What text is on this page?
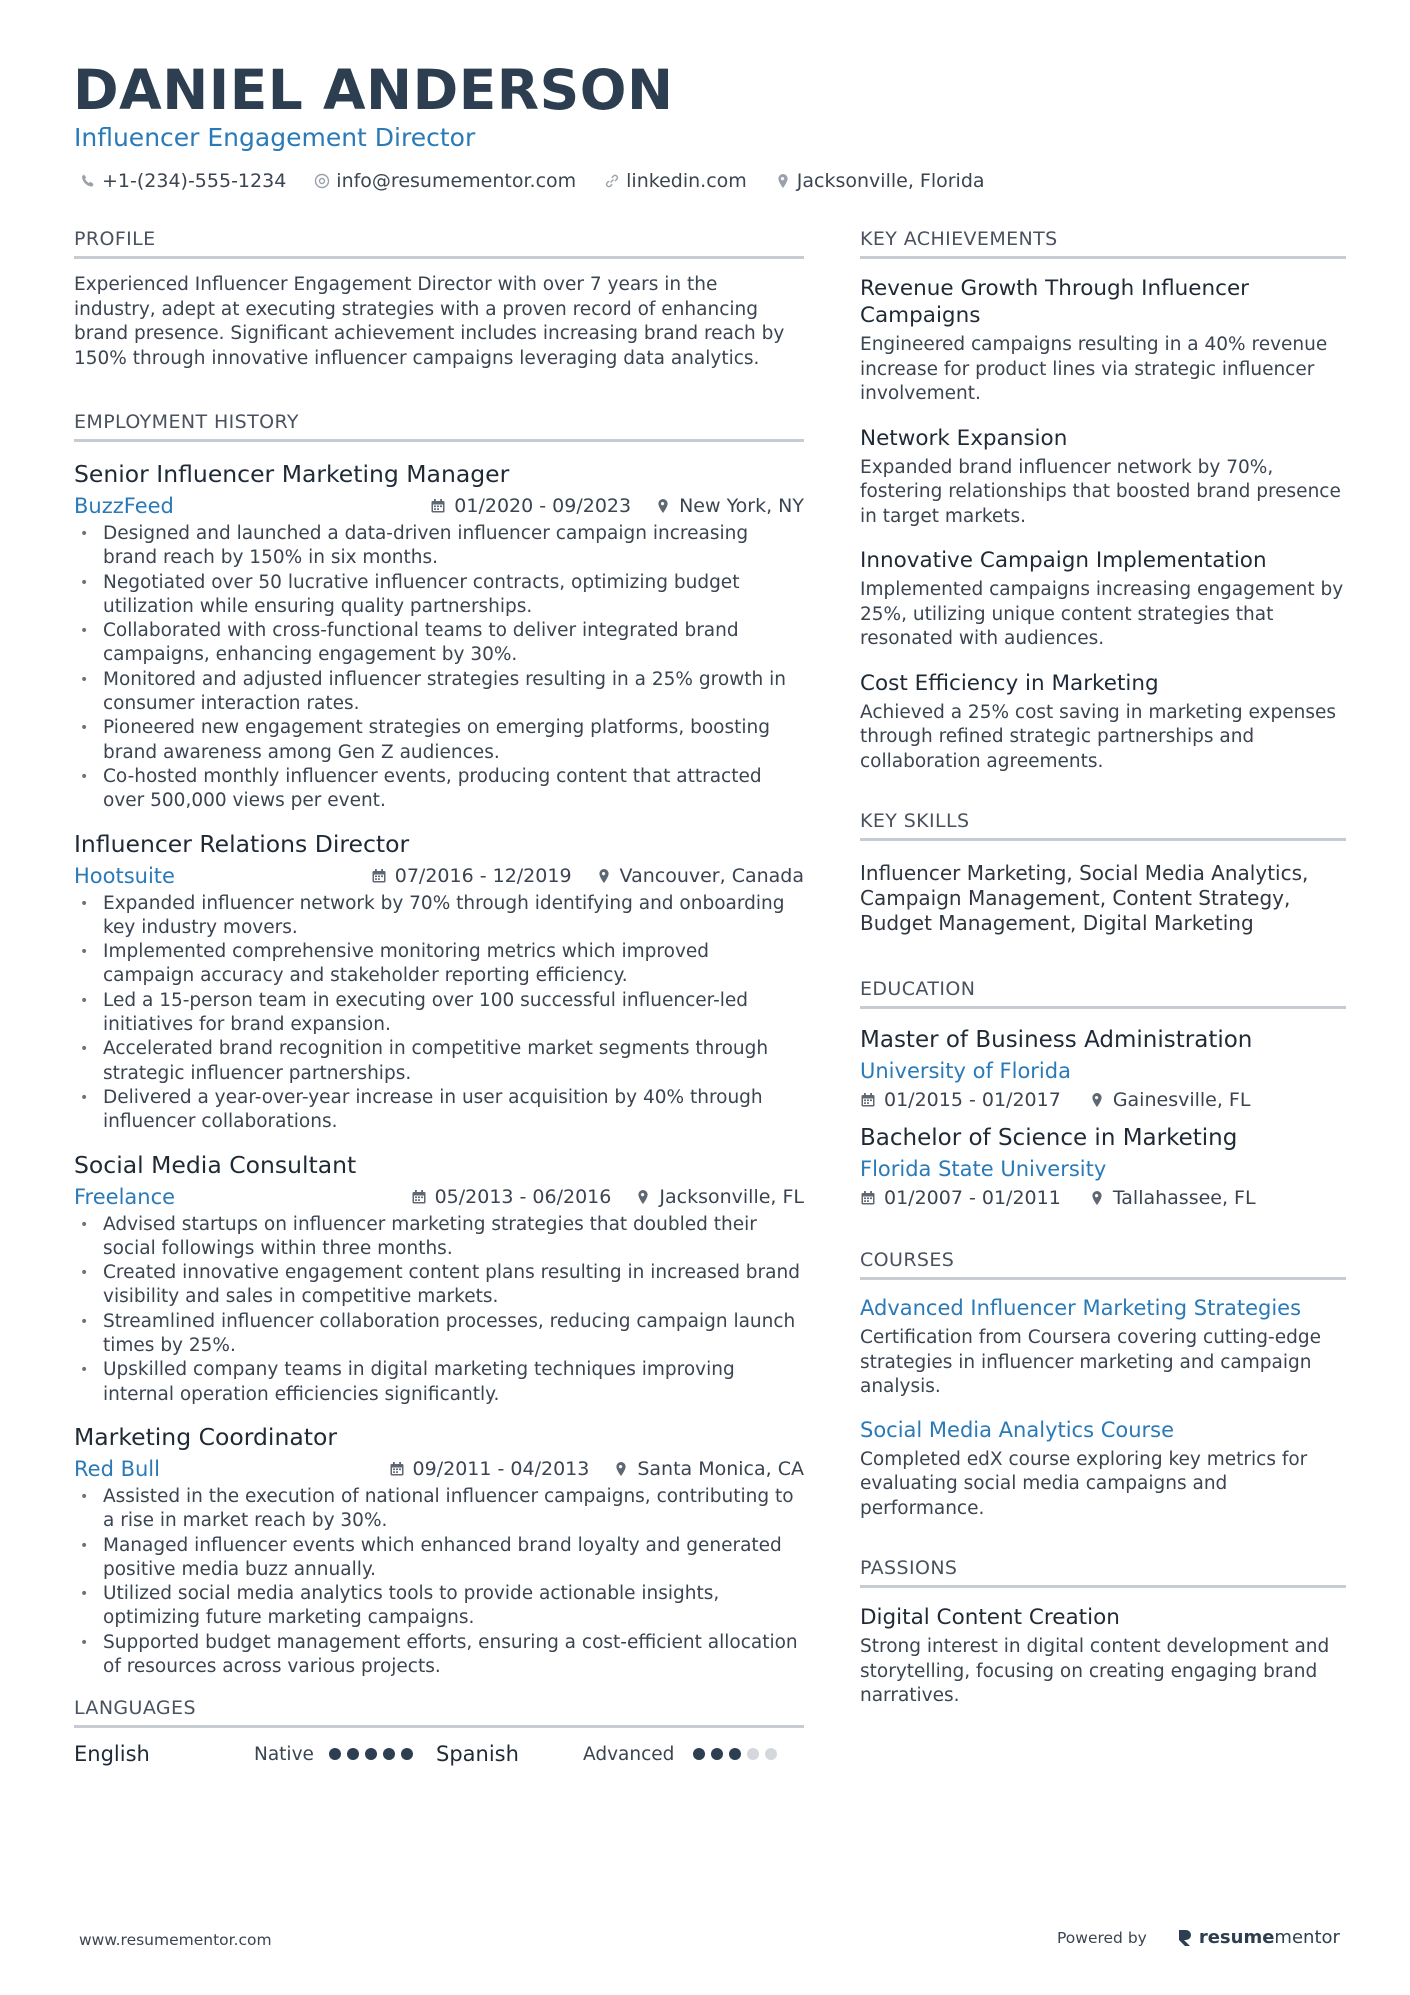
DANIEL ANDERSON
Influencer Engagement Director
+1-(234)-555-1234	info@resumementor.com	linkedin.com	Jacksonville, Florida
PROFILE
Experienced Influencer Engagement Director with over 7 years in the industry, adept at executing strategies with a proven record of enhancing brand presence. Significant achievement includes increasing brand reach by 150% through innovative influencer campaigns leveraging data analytics.
EMPLOYMENT HISTORY
Senior Influencer Marketing Manager
BuzzFeed	01/2020 - 09/2023	New York, NY
• Designed and launched a data-driven influencer campaign increasing brand reach by 150% in six months.
• Negotiated over 50 lucrative influencer contracts, optimizing budget utilization while ensuring quality partnerships.
• Collaborated with cross-functional teams to deliver integrated brand campaigns, enhancing engagement by 30%.
• Monitored and adjusted influencer strategies resulting in a 25% growth in consumer interaction rates.
• Pioneered new engagement strategies on emerging platforms, boosting brand awareness among Gen Z audiences.
• Co-hosted monthly influencer events, producing content that attracted over 500,000 views per event.
Influencer Relations Director
Hootsuite	07/2016 - 12/2019	Vancouver, Canada
• Expanded influencer network by 70% through identifying and onboarding key industry movers.
• Implemented comprehensive monitoring metrics which improved campaign accuracy and stakeholder reporting efficiency.
• Led a 15-person team in executing over 100 successful influencer-led initiatives for brand expansion.
• Accelerated brand recognition in competitive market segments through strategic influencer partnerships.
• Delivered a year-over-year increase in user acquisition by 40% through influencer collaborations.
Social Media Consultant
Freelance	05/2013 - 06/2016	Jacksonville, FL
• Advised startups on influencer marketing strategies that doubled their social followings within three months.
• Created innovative engagement content plans resulting in increased brand visibility and sales in competitive markets.
• Streamlined influencer collaboration processes, reducing campaign launch times by 25%.
• Upskilled company teams in digital marketing techniques improving internal operation efficiencies significantly.
Marketing Coordinator
Red Bull	09/2011 - 04/2013	Santa Monica, CA
• Assisted in the execution of national influencer campaigns, contributing to a rise in market reach by 30%.
• Managed influencer events which enhanced brand loyalty and generated positive media buzz annually.
• Utilized social media analytics tools to provide actionable insights, optimizing future marketing campaigns.
• Supported budget management efforts, ensuring a cost-efficient allocation of resources across various projects.
LANGUAGES
English	Native	Spanish	Advanced
KEY ACHIEVEMENTS
Revenue Growth Through Influencer Campaigns
Engineered campaigns resulting in a 40% revenue increase for product lines via strategic influencer involvement.
Network Expansion
Expanded brand influencer network by 70%, fostering relationships that boosted brand presence in target markets.
Innovative Campaign Implementation
Implemented campaigns increasing engagement by 25%, utilizing unique content strategies that resonated with audiences.
Cost Efficiency in Marketing
Achieved a 25% cost saving in marketing expenses through refined strategic partnerships and collaboration agreements.
KEY SKILLS
Influencer Marketing, Social Media Analytics, Campaign Management, Content Strategy, Budget Management, Digital Marketing
EDUCATION
Master of Business Administration
University of Florida
01/2015 - 01/2017	Gainesville, FL
Bachelor of Science in Marketing
Florida State University
01/2007 - 01/2011	Tallahassee, FL
COURSES
Advanced Influencer Marketing Strategies
Certification from Coursera covering cutting-edge strategies in influencer marketing and campaign analysis.
Social Media Analytics Course
Completed edX course exploring key metrics for evaluating social media campaigns and performance.
PASSIONS
Digital Content Creation
Strong interest in digital content development and storytelling, focusing on creating engaging brand narratives.
www.resumementor.com	Powered by	resumementor
